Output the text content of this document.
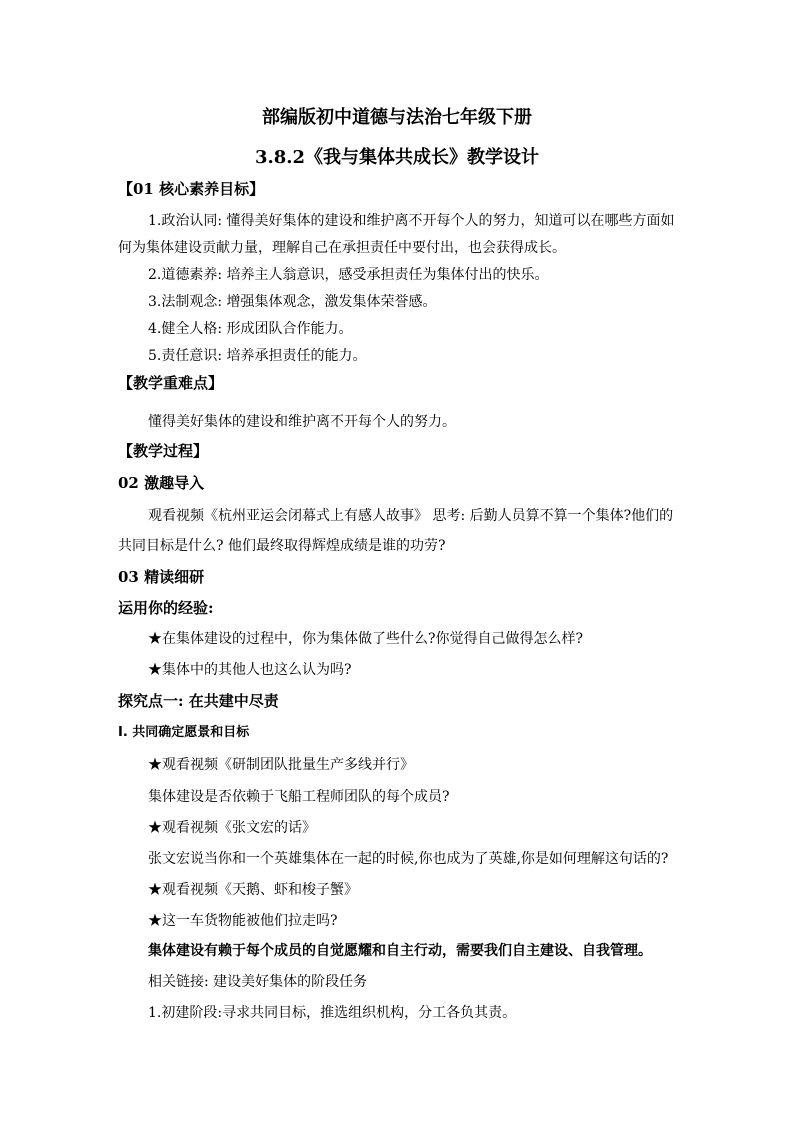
部编版初中道德与法治七年级下册
3.8.2《我与集体共成长》教学设计
【01 核心素养目标】
1.政治认同: 懂得美好集体的建设和维护离不开每个人的努力，知道可以在哪些方面如
何为集体建设贡献力量，理解自己在承担责任中要付出，也会获得成长。
2.道德素养: 培养主人翁意识，感受承担责任为集体付出的快乐。
3.法制观念: 增强集体观念，激发集体荣誉感。
4.健全人格: 形成团队合作能力。
5.责任意识: 培养承担责任的能力。
【教学重难点】
懂得美好集体的建设和维护离不开每个人的努力。
【教学过程】
02 激趣导入
观看视频《杭州亚运会闭幕式上有感人故事》 思考: 后勤人员算不算一个集体?他们的
共同目标是什么? 他们最终取得辉煌成绩是谁的功劳?
03 精读细研
运用你的经验:
★在集体建设的过程中，你为集体做了些什么?你觉得自己做得怎么样?
★集体中的其他人也这么认为吗?
探究点一: 在共建中尽责
Ⅰ. 共同确定愿景和目标
★观看视频《研制团队批量生产多线并行》
集体建设是否依赖于飞船工程师团队的每个成员?
★观看视频《张文宏的话》
张文宏说当你和一个英雄集体在一起的时候,你也成为了英雄,你是如何理解这句话的?
★观看视频《天鹅、虾和梭子蟹》
★这一车货物能被他们拉走吗?
集体建设有赖于每个成员的自觉愿耀和自主行动，需要我们自主建设、自我管理。
相关链接: 建设美好集体的阶段任务
1.初建阶段:寻求共同目标，推选组织机构，分工各负其责。
